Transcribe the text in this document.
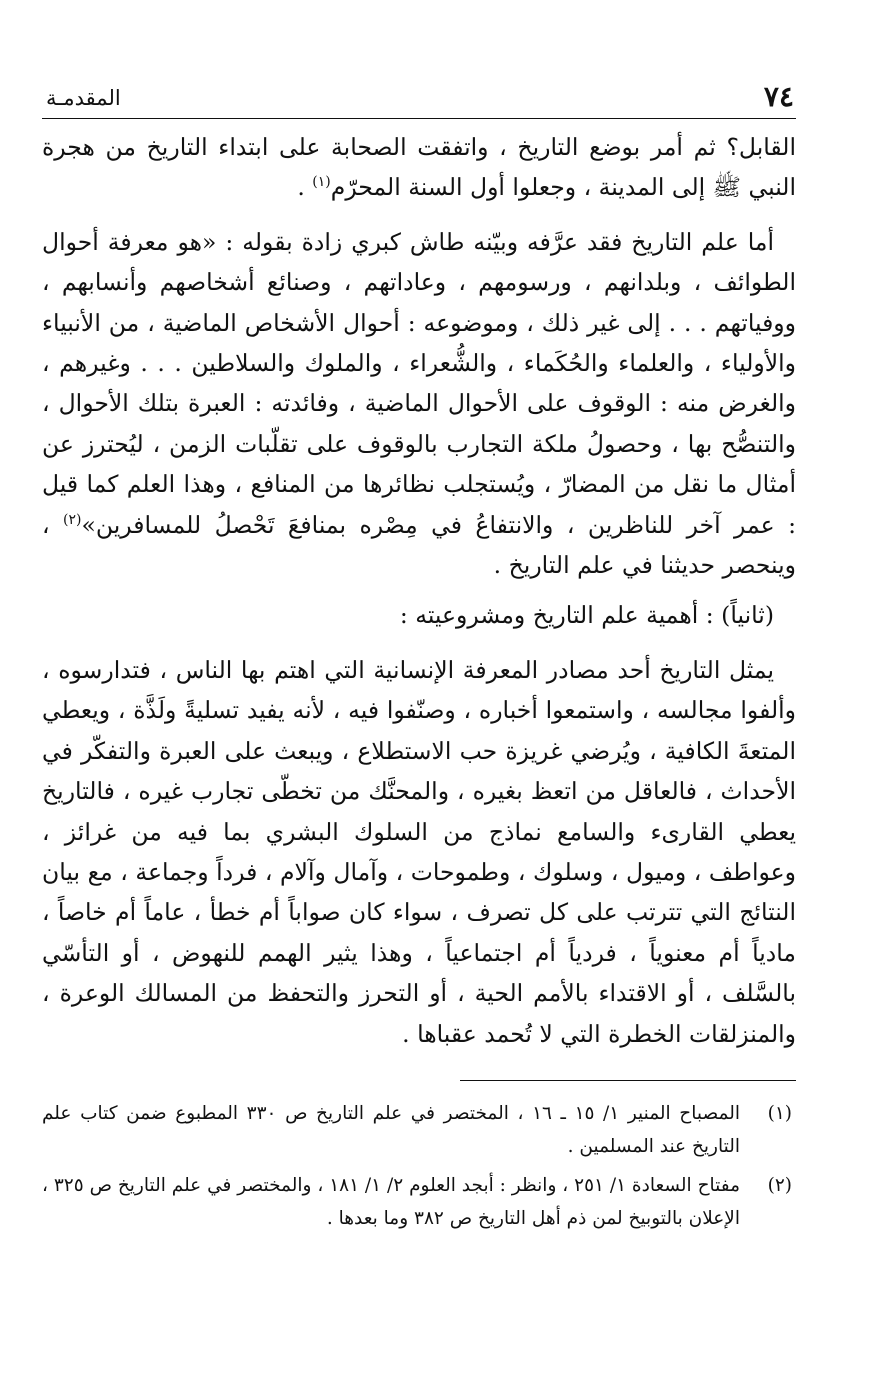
٧٤
المقدمـة

القابل؟ ثم أمر بوضع التاريخ ، واتفقت الصحابة على ابتداء التاريخ من هجرة النبي ﷺ إلى المدينة ، وجعلوا أول السنة المحرّم$^{(١)}$ .

أما علم التاريخ فقد عرَّفه وبيّنه طاش كبري زادة بقوله : «هو معرفة أحوال الطوائف ، وبلدانهم ، ورسومهم ، وعاداتهم ، وصنائع أشخاصهم وأنسابهم ، ووفياتهم . . . إلى غير ذلك ، وموضوعه : أحوال الأشخاص الماضية ، من الأنبياء والأولياء ، والعلماء والحُكَماء ، والشُّعراء ، والملوك والسلاطين . . . وغيرهم ، والغرض منه : الوقوف على الأحوال الماضية ، وفائدته : العبرة بتلك الأحوال ، والتنصُّح بها ، وحصولُ ملكة التجارب بالوقوف على تقلّبات الزمن ، ليُحترز عن أمثال ما نقل من المضارّ ، ويُستجلب نظائرها من المنافع ، وهذا العلم كما قيل : عمر آخر للناظرين ، والانتفاعُ في مِصْره بمنافعَ تَحْصلُ للمسافرين»$^{(٢)}$ ، وينحصر حديثنا في علم التاريخ .

(ثانياً) : أهمية علم التاريخ ومشروعيته :

يمثل التاريخ أحد مصادر المعرفة الإنسانية التي اهتم بها الناس ، فتدارسوه ، وألفوا مجالسه ، واستمعوا أخباره ، وصنّفوا فيه ، لأنه يفيد تسليةً ولَذَّة ، ويعطي المتعةَ الكافية ، ويُرضي غريزة حب الاستطلاع ، ويبعث على العبرة والتفكّر في الأحداث ، فالعاقل من اتعظ بغيره ، والمحنَّك من تخطّى تجارب غيره ، فالتاريخ يعطي القارىء والسامع نماذج من السلوك البشري بما فيه من غرائز ، وعواطف ، وميول ، وسلوك ، وطموحات ، وآمال وآلام ، فرداً وجماعة ، مع بيان النتائج التي تترتب على كل تصرف ، سواء كان صواباً أم خطأ ، عاماً أم خاصاً ، مادياً أم معنوياً ، فردياً أم اجتماعياً ، وهذا يثير الهمم للنهوض ، أو التأسّي بالسَّلف ، أو الاقتداء بالأمم الحية ، أو التحرز والتحفظ من المسالك الوعرة ، والمنزلقات الخطرة التي لا تُحمد عقباها .

(١)
المصباح المنير ١/ ١٥ ـ ١٦ ، المختصر في علم التاريخ ص ٣٣٠ المطبوع ضمن كتاب علم التاريخ عند المسلمين .
(٢)
مفتاح السعادة ١/ ٢٥١ ، وانظر : أبجد العلوم ٢/ ١/ ١٨١ ، والمختصر في علم التاريخ ص ٣٢٥ ، الإعلان بالتوبيخ لمن ذم أهل التاريخ ص ٣٨٢ وما بعدها .
